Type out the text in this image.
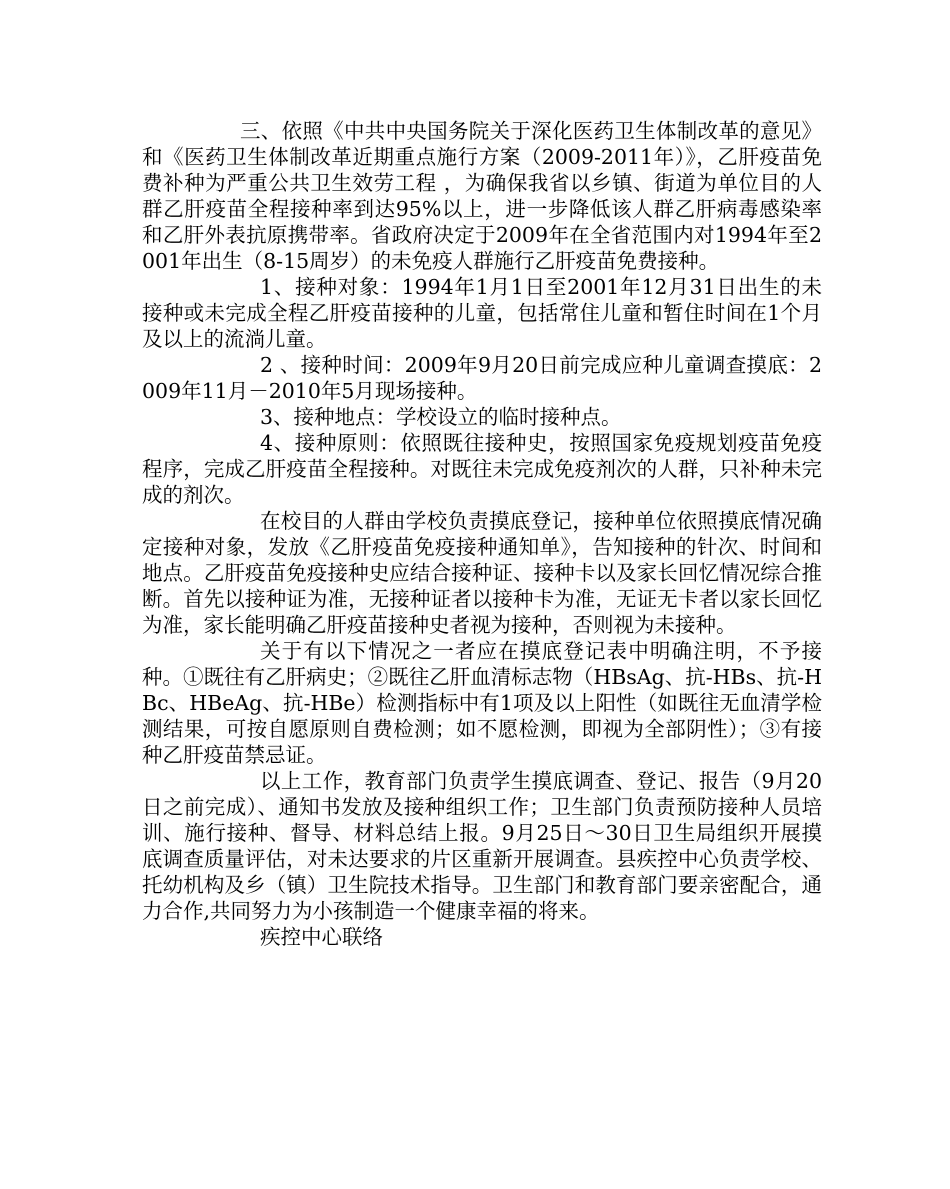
三、依照《中共中央国务院关于深化医药卫生体制改革的意见》和《医药卫生体制改革近期重点施行方案（2009-2011年）》，乙肝疫苗免费补种为严重公共卫生效劳工程 ，为确保我省以乡镇、街道为单位目的人群乙肝疫苗全程接种率到达95%以上，进一步降低该人群乙肝病毒感染率和乙肝外表抗原携带率。省政府决定于2009年在全省范围内对1994年至2001年出生（8-15周岁）的未免疫人群施行乙肝疫苗免费接种。

1、接种对象：1994年1月1日至2001年12月31日出生的未接种或未完成全程乙肝疫苗接种的儿童，包括常住儿童和暂住时间在1个月及以上的流淌儿童。

2 、接种时间：2009年9月20日前完成应种儿童调查摸底：2009年11月－2010年5月现场接种。

3、接种地点：学校设立的临时接种点。

4、接种原则：依照既往接种史，按照国家免疫规划疫苗免疫程序，完成乙肝疫苗全程接种。对既往未完成免疫剂次的人群，只补种未完成的剂次。

在校目的人群由学校负责摸底登记，接种单位依照摸底情况确定接种对象，发放《乙肝疫苗免疫接种通知单》，告知接种的针次、时间和地点。乙肝疫苗免疫接种史应结合接种证、接种卡以及家长回忆情况综合推断。首先以接种证为准，无接种证者以接种卡为准，无证无卡者以家长回忆为准，家长能明确乙肝疫苗接种史者视为接种，否则视为未接种。

关于有以下情况之一者应在摸底登记表中明确注明，不予接种。①既往有乙肝病史；②既往乙肝血清标志物（HBsAg、抗-HBs、抗-HBc、HBeAg、抗-HBe）检测指标中有1项及以上阳性（如既往无血清学检测结果，可按自愿原则自费检测；如不愿检测，即视为全部阴性）；③有接种乙肝疫苗禁忌证。

以上工作，教育部门负责学生摸底调查、登记、报告（9月20日之前完成）、通知书发放及接种组织工作；卫生部门负责预防接种人员培训、施行接种、督导、材料总结上报。9月25日～30日卫生局组织开展摸底调查质量评估，对未达要求的片区重新开展调查。县疾控中心负责学校、托幼机构及乡（镇）卫生院技术指导。卫生部门和教育部门要亲密配合，通力合作,共同努力为小孩制造一个健康幸福的将来。

疾控中心联络
